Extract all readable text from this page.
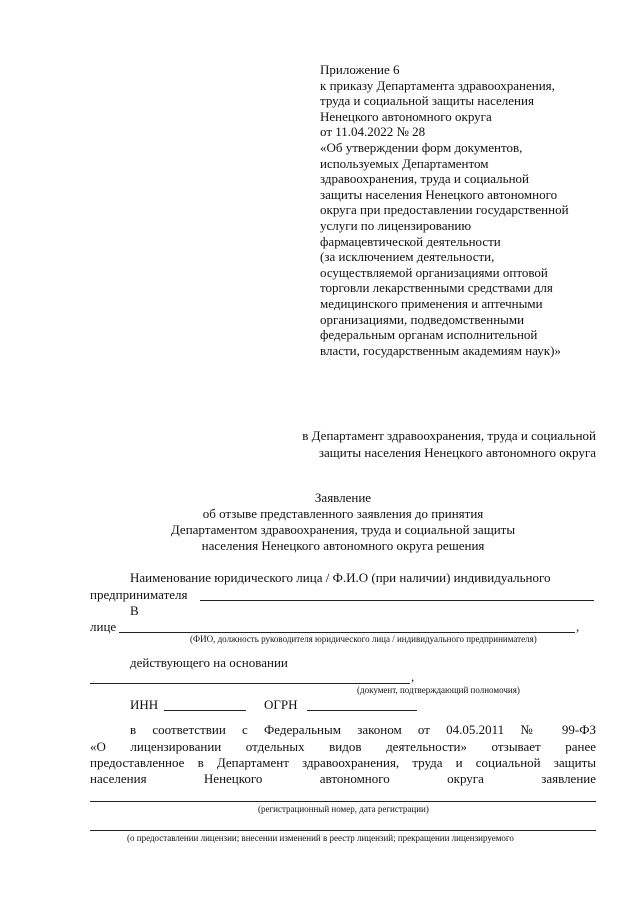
Приложение 6
к приказу Департамента здравоохранения,
труда и социальной защиты населения
Ненецкого автономного округа
от 11.04.2022 № 28
«Об утверждении форм документов,
используемых Департаментом
здравоохранения, труда и социальной
защиты населения Ненецкого автономного
округа при предоставлении государственной
услуги по лицензированию
фармацевтической деятельности
(за исключением деятельности,
осуществляемой организациями оптовой
торговли лекарственными средствами для
медицинского применения и аптечными
организациями, подведомственными
федеральным органам исполнительной
власти, государственным академиям наук)»
в Департамент здравоохранения, труда и социальной
защиты населения Ненецкого автономного округа
Заявление
об отзыве представленного заявления до принятия
Департаментом здравоохранения, труда и социальной защиты
населения Ненецкого автономного округа решения
Наименование юридического лица / Ф.И.О (при наличии) индивидуального
предпринимателя
В
лице	,
(ФИО, должность руководителя юридического лица / индивидуального предпринимателя)
действующего на основании
,
(документ, подтверждающий полномочия)
ИНН	ОГРН
в соответствии с Федеральным законом от 04.05.2011 № 99-ФЗ
«О лицензировании отдельных видов деятельности» отзывает ранее
предоставленное в Департамент здравоохранения, труда и социальной защиты
населения	Ненецкого	автономного	округа	заявление
(регистрационный номер, дата регистрации)
(о предоставлении лицензии; внесении изменений в реестр лицензий; прекращении лицензируемого
